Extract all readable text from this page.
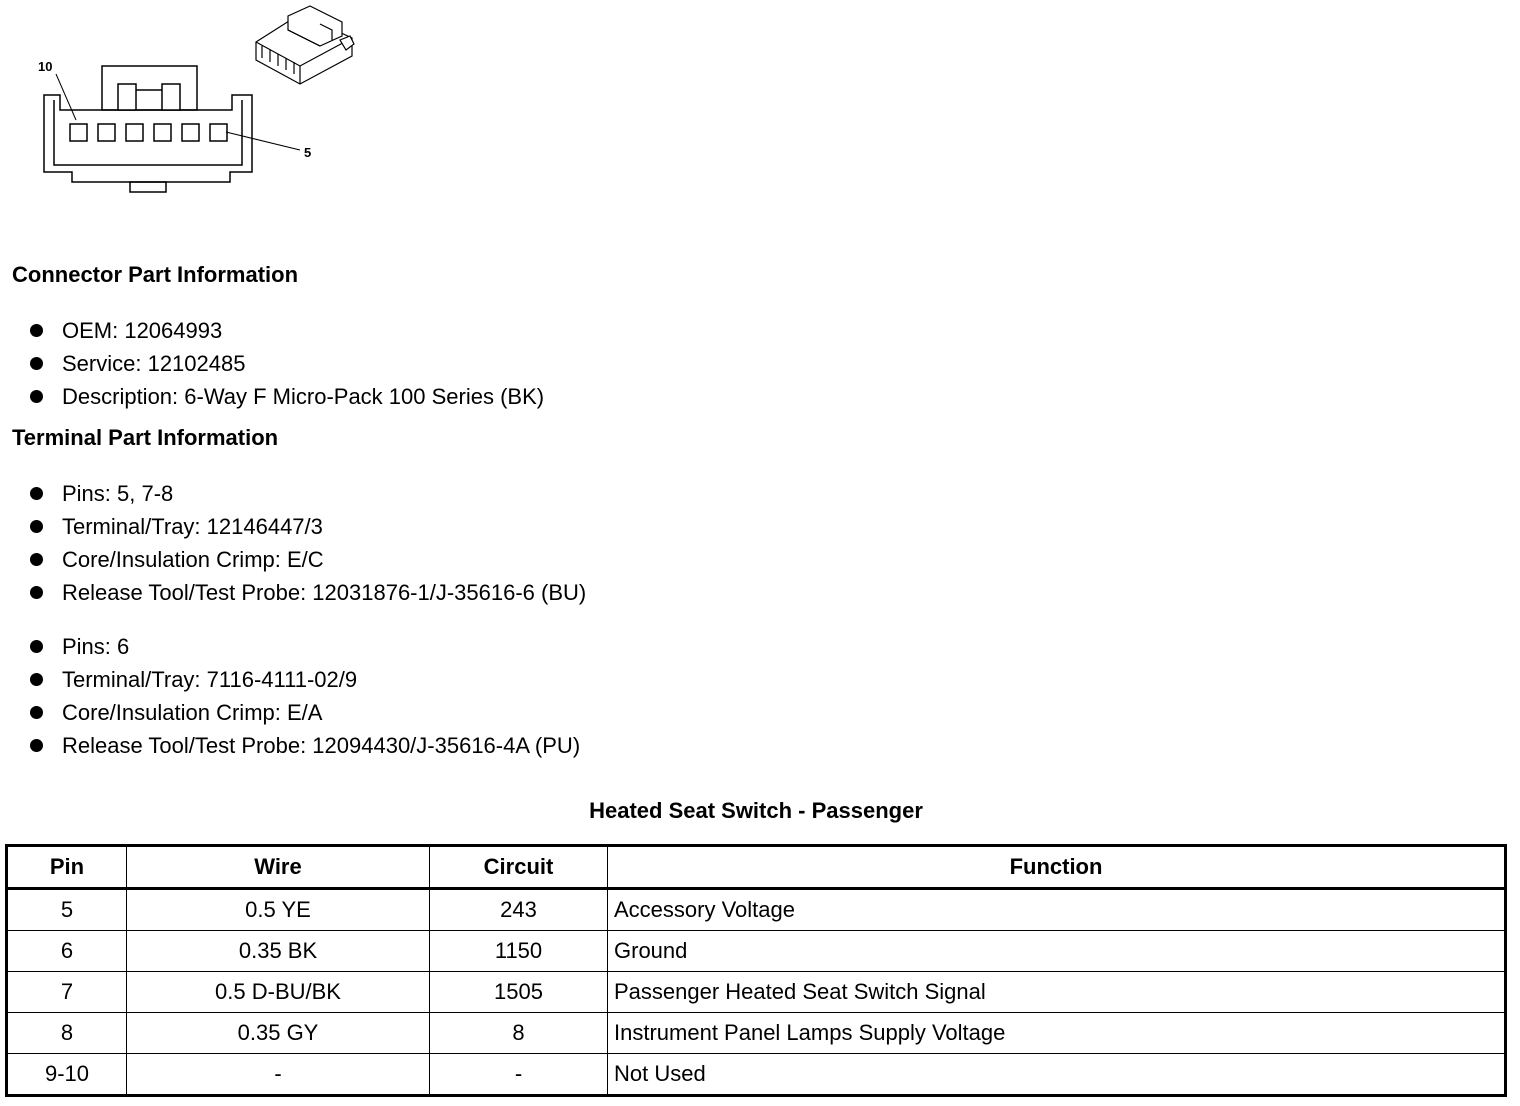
10
5
Connector Part Information
OEM: 12064993
Service: 12102485
Description: 6-Way F Micro-Pack 100 Series (BK)
Terminal Part Information
Pins: 5, 7-8
Terminal/Tray: 12146447/3
Core/Insulation Crimp: E/C
Release Tool/Test Probe: 12031876-1/J-35616-6 (BU)
Pins: 6
Terminal/Tray: 7116-4111-02/9
Core/Insulation Crimp: E/A
Release Tool/Test Probe: 12094430/J-35616-4A (PU)
Heated Seat Switch - Passenger
Pin	Wire	Circuit	Function
5	0.5 YE	243	Accessory Voltage
6	0.35 BK	1150	Ground
7	0.5 D-BU/BK	1505	Passenger Heated Seat Switch Signal
8	0.35 GY	8	Instrument Panel Lamps Supply Voltage
9-10	-	-	Not Used
